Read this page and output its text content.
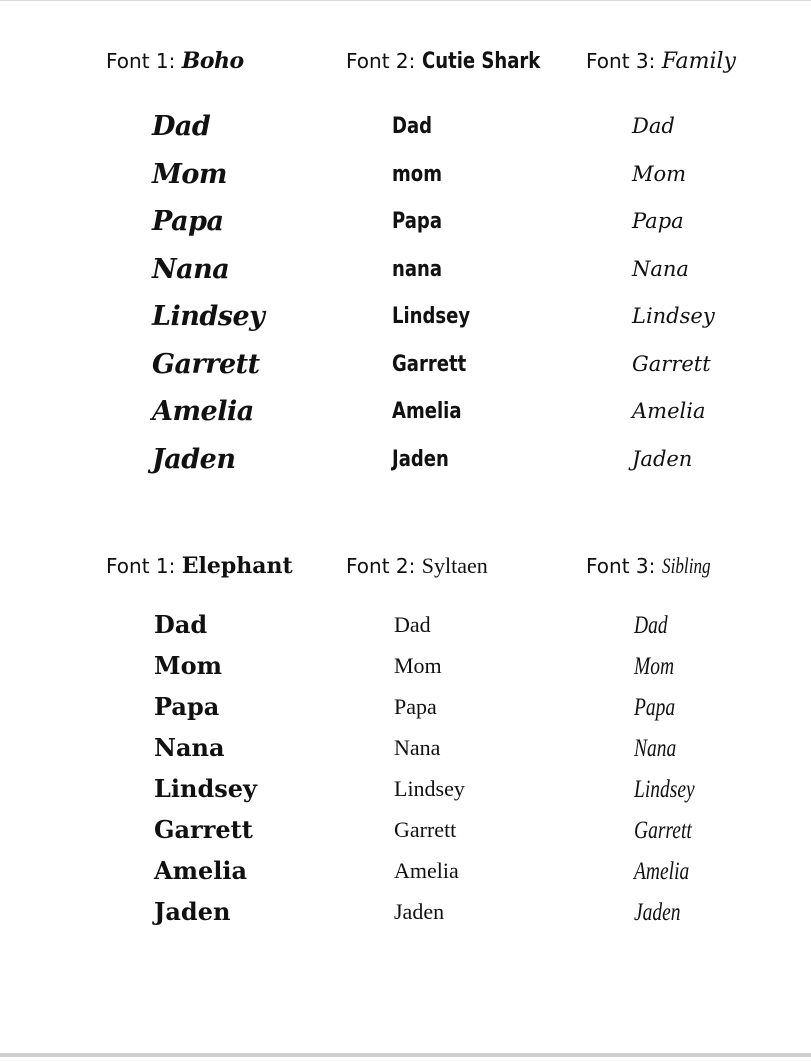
Font 1: Boho
Dad
Mom
Papa
Nana
Lindsey
Garrett
Amelia
Jaden
Font 2: Cutie Shark
Dad
mom
Papa
nana
Lindsey
Garrett
Amelia
Jaden
Font 3: Family
Dad
Mom
Papa
Nana
Lindsey
Garrett
Amelia
Jaden
Font 1: Elephant
Dad
Mom
Papa
Nana
Lindsey
Garrett
Amelia
Jaden
Font 2: Syltaen
Dad
Mom
Papa
Nana
Lindsey
Garrett
Amelia
Jaden
Font 3: Sibling
Dad
Mom
Papa
Nana
Lindsey
Garrett
Amelia
Jaden
